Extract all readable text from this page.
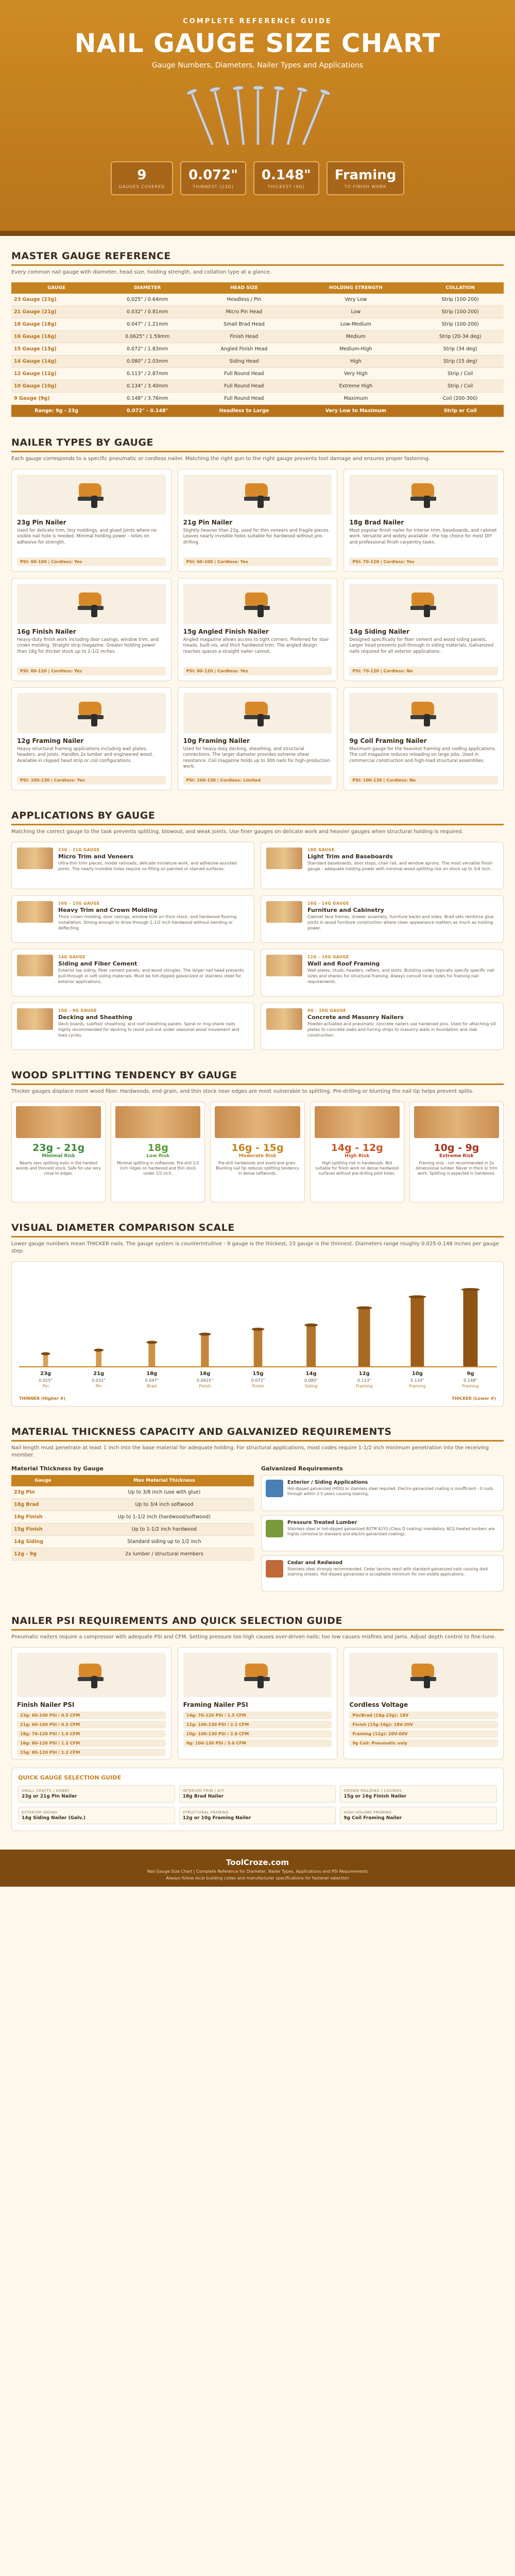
COMPLETE REFERENCE GUIDE
NAIL GAUGE SIZE CHART
Gauge Numbers, Diameters, Nailer Types and Applications
9
GAUGES COVERED
0.072"
THINNEST (23G)
0.148"
THICKEST (9G)
Framing
TO FINISH WORK
MASTER GAUGE REFERENCE
Every common nail gauge with diameter, head size, holding strength, and collation type at a glance.
GAUGE	DIAMETER	HEAD SIZE	HOLDING STRENGTH	COLLATION
23 Gauge (23g)	0.025" / 0.64mm	Headless / Pin	Very Low	Strip (100-200)
21 Gauge (21g)	0.032" / 0.81mm	Micro Pin Head	Low	Strip (100-200)
18 Gauge (18g)	0.047" / 1.21mm	Small Brad Head	Low-Medium	Strip (100-200)
16 Gauge (16g)	0.0625" / 1.59mm	Finish Head	Medium	Strip (20-34 deg)
15 Gauge (15g)	0.072" / 1.83mm	Angled Finish Head	Medium-High	Strip (34 deg)
14 Gauge (14g)	0.080" / 2.03mm	Siding Head	High	Strip (15 deg)
12 Gauge (12g)	0.113" / 2.87mm	Full Round Head	Very High	Strip / Coil
10 Gauge (10g)	0.134" / 3.40mm	Full Round Head	Extreme High	Strip / Coil
9 Gauge (9g)	0.148" / 3.76mm	Full Round Head	Maximum	Coil (200-300)
Range: 9g - 23g	0.072" - 0.148"	Headless to Large	Very Low to Maximum	Strip or Coil
NAILER TYPES BY GAUGE
Each gauge corresponds to a specific pneumatic or cordless nailer. Matching the right gun to the right gauge prevents tool damage and ensures proper fastening.
23g Pin Nailer

Used for delicate trim, tiny moldings, and glued joints where no visible nail hole is needed. Minimal holding power - relies on adhesive for strength.

PSI: 60-100 | Cordless: Yes
21g Pin Nailer

Slightly heavier than 23g, used for thin veneers and fragile pieces. Leaves nearly invisible holes suitable for hardwood without pre-drilling.

PSI: 60-100 | Cordless: Yes
18g Brad Nailer

Most popular finish nailer for interior trim, baseboards, and cabinet work. Versatile and widely available - the top choice for most DIY and professional finish carpentry tasks.

PSI: 70-120 | Cordless: Yes
16g Finish Nailer

Heavy-duty finish work including door casings, window trim, and crown molding. Straight strip magazine. Greater holding power than 18g for thicker stock up to 2-1/2 inches.

PSI: 80-120 | Cordless: Yes
15g Angled Finish Nailer

Angled magazine allows access to tight corners. Preferred for stair treads, built-ins, and thick hardwood trim. The angled design reaches spaces a straight nailer cannot.

PSI: 80-120 | Cordless: Yes
14g Siding Nailer

Designed specifically for fiber cement and wood siding panels. Larger head prevents pull-through in siding materials. Galvanized nails required for all exterior applications.

PSI: 70-120 | Cordless: No
12g Framing Nailer

Heavy structural framing applications including wall plates, headers, and joists. Handles 2x lumber and engineered wood. Available in clipped head strip or coil configurations.

PSI: 100-130 | Cordless: Yes
10g Framing Nailer

Used for heavy-duty decking, sheathing, and structural connections. The larger diameter provides extreme shear resistance. Coil magazine holds up to 300 nails for high-production work.

PSI: 100-130 | Cordless: Limited
9g Coil Framing Nailer

Maximum gauge for the heaviest framing and roofing applications. The coil magazine reduces reloading on large jobs. Used in commercial construction and high-load structural assemblies.

PSI: 100-130 | Cordless: No
APPLICATIONS BY GAUGE
Matching the correct gauge to the task prevents splitting, blowout, and weak joints. Use finer gauges on delicate work and heavier gauges when structural holding is required.
23G - 21G GAUGE
Micro Trim and Veneers

Ultra-thin trim pieces, model railroads, delicate miniature work, and adhesive-assisted joints. The nearly invisible holes require no filling on painted or stained surfaces.

18G GAUGE
Light Trim and Baseboards

Standard baseboards, door stops, chair rail, and window aprons. The most versatile finish gauge - adequate holding power with minimal wood splitting risk on stock up to 3/4 inch.

16G - 15G GAUGE
Heavy Trim and Crown Molding

Thick crown molding, door casings, window trim on thick stock, and hardwood flooring installation. Strong enough to drive through 1-1/2 inch hardwood without bending or deflecting.

16G - 14G GAUGE
Furniture and Cabinetry

Cabinet face frames, drawer assembly, furniture backs and sides. Brad sets reinforce glue joints in wood furniture construction where clean appearance matters as much as holding power.

14G GAUGE
Siding and Fiber Cement

Exterior lap siding, fiber cement panels, and wood shingles. The larger nail head prevents pull-through in soft siding materials. Must be hot-dipped galvanized or stainless steel for exterior applications.

12G - 10G GAUGE
Wall and Roof Framing

Wall plates, studs, headers, rafters, and joists. Building codes typically specify specific nail sizes and shanks for structural framing. Always consult local codes for framing nail requirements.

10G - 9G GAUGE
Decking and Sheathing

Deck boards, subfloor sheathing, and roof sheathing panels. Spiral or ring-shank nails highly recommended for decking to resist pull-out under seasonal wood movement and load cycles.

9G - 10G GAUGE
Concrete and Masonry Nailers

Powder-actuated and pneumatic concrete nailers use hardened pins. Used for attaching sill plates to concrete slabs and furring strips to masonry walls in foundation and slab construction.

WOOD SPLITTING TENDENCY BY GAUGE
Thicker gauges displace more wood fiber. Hardwoods, end grain, and thin stock near edges are most vulnerable to splitting. Pre-drilling or blunting the nail tip helps prevent splits.
23g - 21g
Minimal Risk

Nearly zero splitting even in the hardest woods and thinnest stock. Safe for use very close to edges.

18g
Low Risk

Minimal splitting in softwoods. Pre-drill 1/2 inch ridges on hardwood and thin stock under 1/2 inch.

16g - 15g
Moderate Risk

Pre-drill hardwoods and avoid end grain. Blunting nail tip reduces splitting tendency in dense softwoods.

14g - 12g
High Risk

High splitting risk in hardwoods. Not suitable for finish work on dense hardwood surfaces without pre-drilling pilot holes.

10g - 9g
Extreme Risk

Framing only - not recommended in 2x dimensional lumber. Never in thick or trim work. Splitting is expected in hardwood.

VISUAL DIAMETER COMPARISON SCALE
Lower gauge numbers mean THICKER nails. The gauge system is counterintuitive - 9 gauge is the thickest, 23 gauge is the thinnest. Diameters range roughly 0.025-0.148 inches per gauge step.
23g
0.025"
Pin
21g
0.032"
Pin
18g
0.047"
Brad
16g
0.0625"
Finish
15g
0.072"
Finish
14g
0.080"
Siding
12g
0.113"
Framing
10g
0.134"
Framing
9g
0.148"
Framing
THINNER (Higher #)	THICKER (Lower #)
MATERIAL THICKNESS CAPACITY AND GALVANIZED REQUIREMENTS
Nail length must penetrate at least 1 inch into the base material for adequate holding. For structural applications, most codes require 1-1/2 inch minimum penetration into the receiving member.
Material Thickness by Gauge
Gauge	Max Material Thickness
23g Pin	Up to 3/8 inch (use with glue)
18g Brad	Up to 3/4 inch softwood
16g Finish	Up to 1-1/2 inch (hardwood/softwood)
15g Finish	Up to 1-1/2 inch hardwood
14g Siding	Standard siding up to 1/2 inch
12g - 9g	2x lumber / structural members
Galvanized Requirements
Exterior / Siding Applications

Hot-dipped galvanized (HDG) or stainless steel required. Electro-galvanized coating is insufficient - it rusts through within 2-5 years causing staining.

Pressure Treated Lumber

Stainless steel or hot-dipped galvanized ASTM A153 (Class D coating) mandatory. ACQ treated lumbers are highly corrosive to standard and electro-galvanized coatings.

Cedar and Redwood

Stainless steel strongly recommended. Cedar tannins react with standard galvanized nails causing dark staining streaks. Hot-dipped galvanized is acceptable minimum for non-visible applications.

NAILER PSI REQUIREMENTS AND QUICK SELECTION GUIDE
Pneumatic nailers require a compressor with adequate PSI and CFM. Setting pressure too high causes over-driven nails; too low causes misfires and jams. Adjust depth control to fine-tune.
Finish Nailer PSI
23g: 60-100 PSI / 0.5 CFM
21g: 60-100 PSI / 0.5 CFM
18g: 70-120 PSI / 1.0 CFM
16g: 80-120 PSI / 1.2 CFM
15g: 80-120 PSI / 1.2 CFM
Framing Nailer PSI
14g: 70-120 PSI / 1.5 CFM
12g: 100-130 PSI / 2.2 CFM
10g: 100-130 PSI / 2.6 CFM
9g: 100-130 PSI / 3.0 CFM
Cordless Voltage
Pin/Brad (18g-23g): 18V
Finish (15g-16g): 18V-20V
Framing (12g): 20V-60V
9g Coil: Pneumatic only
QUICK GAUGE SELECTION GUIDE
SMALL CRAFTS / HOBBY
23g or 21g Pin Nailer
INTERIOR TRIM / DIY
18g Brad Nailer
CROWN MOLDING / CASINGS
15g or 16g Finish Nailer
EXTERIOR SIDING
14g Siding Nailer (Galv.)
STRUCTURAL FRAMING
12g or 10g Framing Nailer
HIGH-VOLUME FRAMING
9g Coil Framing Nailer
ToolCroze.com
Nail Gauge Size Chart | Complete Reference for Diameter, Nailer Types, Applications and PSI Requirements
Always follow local building codes and manufacturer specifications for fastener selection
